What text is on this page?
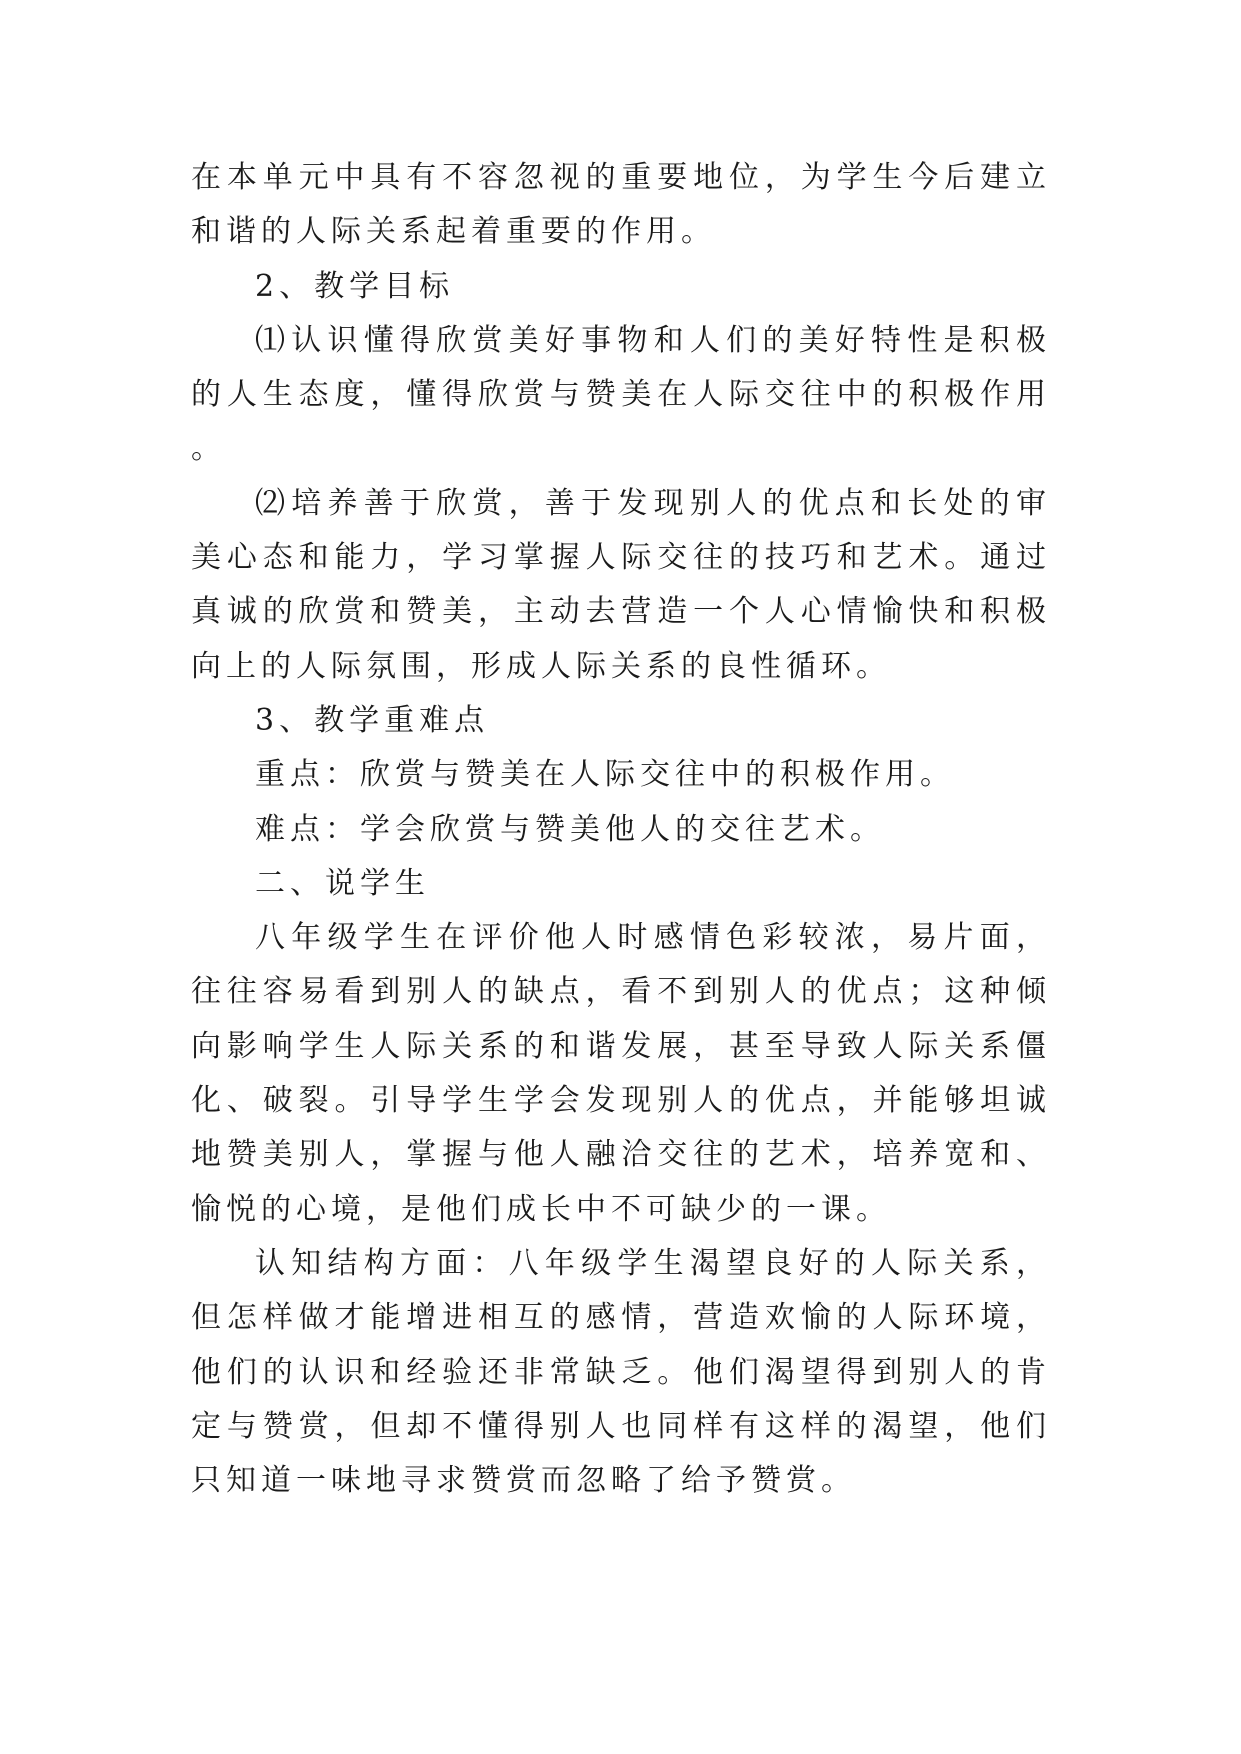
在本单元中具有不容忽视的重要地位，为学生今后建立和谐的人际关系起着重要的作用。

2、教学目标

⑴认识懂得欣赏美好事物和人们的美好特性是积极的人生态度，懂得欣赏与赞美在人际交往中的积极作用。

⑵培养善于欣赏，善于发现别人的优点和长处的审美心态和能力，学习掌握人际交往的技巧和艺术。通过真诚的欣赏和赞美，主动去营造一个人心情愉快和积极向上的人际氛围，形成人际关系的良性循环。

3、教学重难点

重点：欣赏与赞美在人际交往中的积极作用。

难点：学会欣赏与赞美他人的交往艺术。

二、说学生

八年级学生在评价他人时感情色彩较浓，易片面，往往容易看到别人的缺点，看不到别人的优点；这种倾向影响学生人际关系的和谐发展，甚至导致人际关系僵化、破裂。引导学生学会发现别人的优点，并能够坦诚地赞美别人，掌握与他人融洽交往的艺术，培养宽和、愉悦的心境，是他们成长中不可缺少的一课。

认知结构方面：八年级学生渴望良好的人际关系，但怎样做才能增进相互的感情，营造欢愉的人际环境，他们的认识和经验还非常缺乏。他们渴望得到别人的肯定与赞赏，但却不懂得别人也同样有这样的渴望，他们只知道一味地寻求赞赏而忽略了给予赞赏。
